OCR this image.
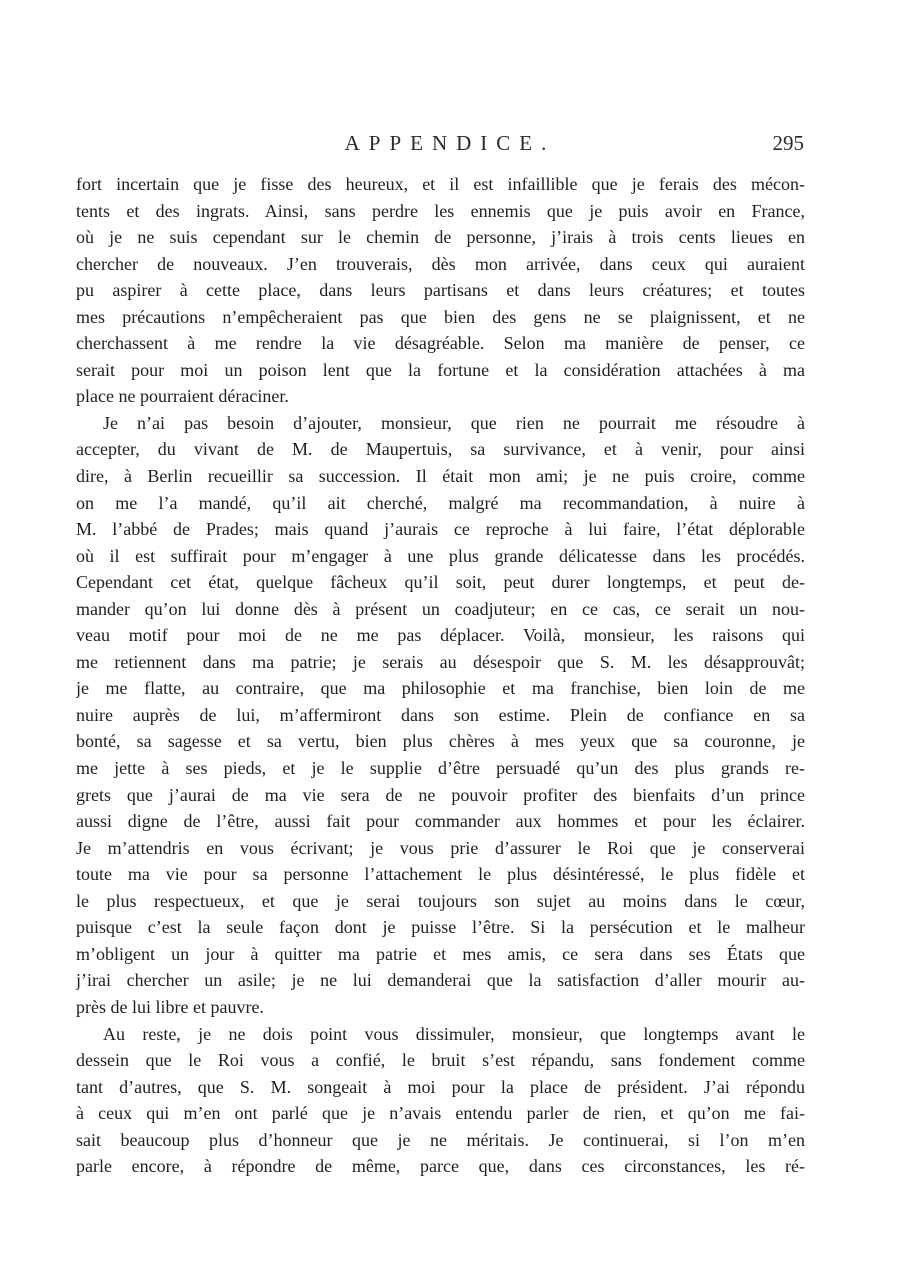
APPENDICE.	295
fort incertain que je fisse des heureux, et il est infaillible que je ferais des mécon-
tents et des ingrats. Ainsi, sans perdre les ennemis que je puis avoir en France,
où je ne suis cependant sur le chemin de personne, j’irais à trois cents lieues en
chercher de nouveaux. J’en trouverais, dès mon arrivée, dans ceux qui auraient
pu aspirer à cette place, dans leurs partisans et dans leurs créatures; et toutes
mes précautions n’empêcheraient pas que bien des gens ne se plaignissent, et ne
cherchassent à me rendre la vie désagréable. Selon ma manière de penser, ce
serait pour moi un poison lent que la fortune et la considération attachées à ma
place ne pourraient déraciner.
Je n’ai pas besoin d’ajouter, monsieur, que rien ne pourrait me résoudre à
accepter, du vivant de M. de Maupertuis, sa survivance, et à venir, pour ainsi
dire, à Berlin recueillir sa succession. Il était mon ami; je ne puis croire, comme
on me l’a mandé, qu’il ait cherché, malgré ma recommandation, à nuire à
M. l’abbé de Prades; mais quand j’aurais ce reproche à lui faire, l’état déplorable
où il est suffirait pour m’engager à une plus grande délicatesse dans les procédés.
Cependant cet état, quelque fâcheux qu’il soit, peut durer longtemps, et peut de-
mander qu’on lui donne dès à présent un coadjuteur; en ce cas, ce serait un nou-
veau motif pour moi de ne me pas déplacer. Voilà, monsieur, les raisons qui
me retiennent dans ma patrie; je serais au désespoir que S. M. les désapprouvât;
je me flatte, au contraire, que ma philosophie et ma franchise, bien loin de me
nuire auprès de lui, m’affermiront dans son estime. Plein de confiance en sa
bonté, sa sagesse et sa vertu, bien plus chères à mes yeux que sa couronne, je
me jette à ses pieds, et je le supplie d’être persuadé qu’un des plus grands re-
grets que j’aurai de ma vie sera de ne pouvoir profiter des bienfaits d’un prince
aussi digne de l’être, aussi fait pour commander aux hommes et pour les éclairer.
Je m’attendris en vous écrivant; je vous prie d’assurer le Roi que je conserverai
toute ma vie pour sa personne l’attachement le plus désintéressé, le plus fidèle et
le plus respectueux, et que je serai toujours son sujet au moins dans le cœur,
puisque c’est la seule façon dont je puisse l’être. Si la persécution et le malheur
m’obligent un jour à quitter ma patrie et mes amis, ce sera dans ses États que
j’irai chercher un asile; je ne lui demanderai que la satisfaction d’aller mourir au-
près de lui libre et pauvre.
Au reste, je ne dois point vous dissimuler, monsieur, que longtemps avant le
dessein que le Roi vous a confié, le bruit s’est répandu, sans fondement comme
tant d’autres, que S. M. songeait à moi pour la place de président. J’ai répondu
à ceux qui m’en ont parlé que je n’avais entendu parler de rien, et qu’on me fai-
sait beaucoup plus d’honneur que je ne méritais. Je continuerai, si l’on m’en
parle encore, à répondre de même, parce que, dans ces circonstances, les ré-
